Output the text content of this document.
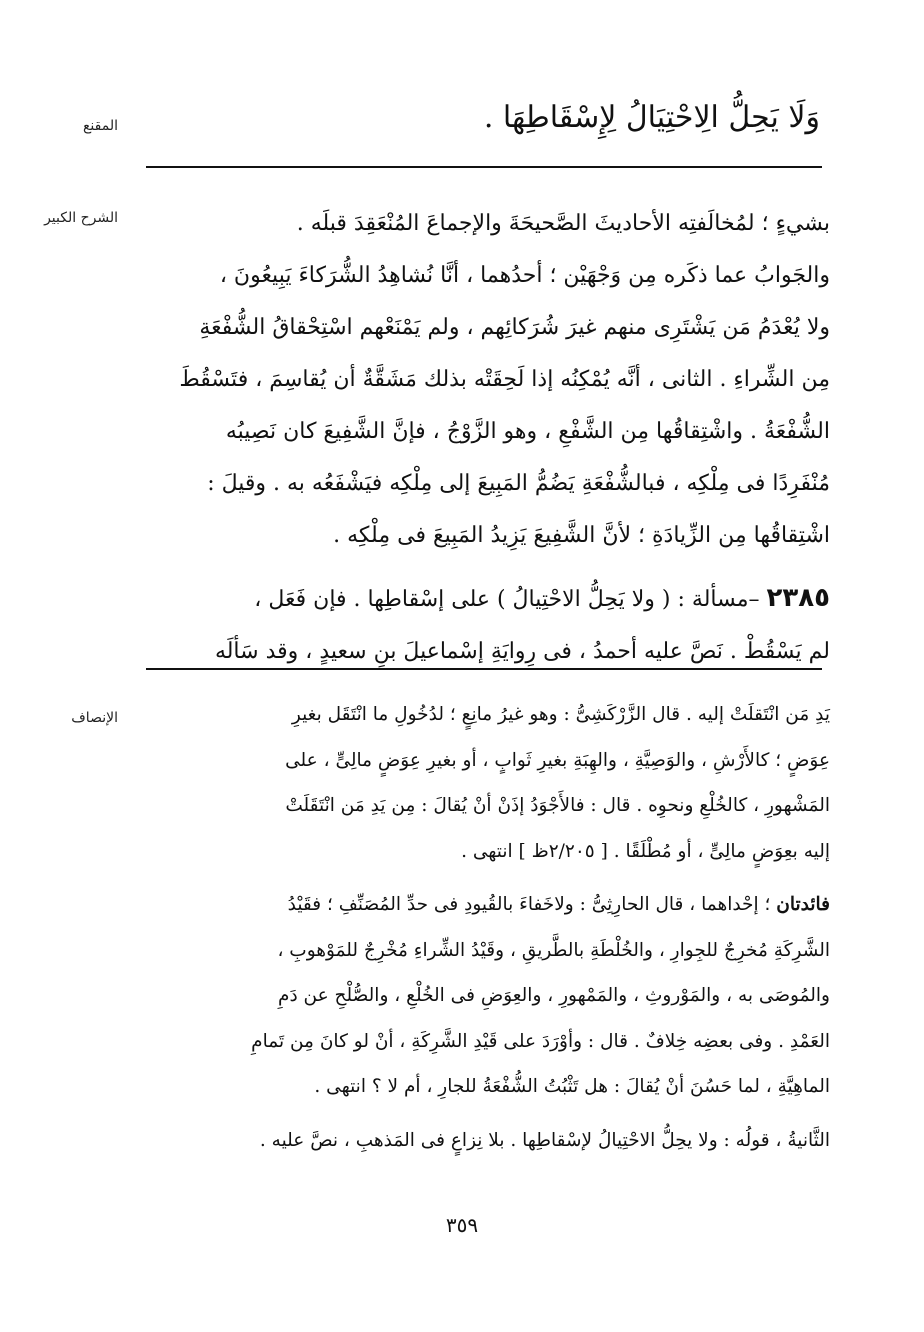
المقنع
الشرح الكبير
الإنصاف
وَلَا يَحِلُّ الِاحْتِيَالُ لِإِسْقَاطِهَا .

بشيءٍ ؛ لمُخالَفتِه الأحاديثَ الصَّحيحَةَ والإجماعَ المُنْعَقِدَ قبلَه .

والجَوابُ عما ذكَره مِن وَجْهَيْن ؛ أحدُهما ، أنَّا نُشاهِدُ الشُّرَكاءَ يَبِيعُونَ ،

ولا يُعْدَمُ مَن يَشْتَرِى منهم غيرَ شُرَكائِهم ، ولم يَمْنَعْهم اسْتِحْقاقُ الشُّفْعَةِ

مِن الشِّراءِ . الثانى ، أنَّه يُمْكِنُه إذا لَحِقَتْه بذلك مَشَقَّةٌ أن يُقاسِمَ ، فتَسْقُطَ

الشُّفْعَةُ . واشْتِقاقُها مِن الشَّفْعِ ، وهو الزَّوْجُ ، فإنَّ الشَّفِيعَ كان نَصِيبُه

مُنْفَرِدًا فى مِلْكِه ، فبالشُّفْعَةِ يَضُمُّ المَبِيعَ إلى مِلْكِه فيَشْفَعُه به . وقيلَ :

اشْتِقاقُها مِن الزِّيادَةِ ؛ لأنَّ الشَّفِيعَ يَزِيدُ المَبِيعَ فى مِلْكِه .

٢٣٨٥ –مسألة : ( ولا يَحِلُّ الاحْتِيالُ ) على إسْقاطِها . فإن فَعَل ،

لم يَسْقُطْ . نَصَّ عليه أحمدُ ، فى رِوايَةِ إسْماعيلَ بنِ سعيدٍ ، وقد سَألَه

يَدِ مَن انْتَقلَتْ إليه . قال الزَّرْكَشِىُّ : وهو غيرُ مانِعٍ ؛ لدُخُولِ ما انْتَقَل بغيرِ
عِوَضٍ ؛ كالأَرْشِ ، والوَصِيَّةِ ، والهِبَةِ بغيرِ ثَوابٍ ، أو بغيرِ عِوَضٍ مالِىٍّ ، على
المَشْهورِ ، كالخُلْعِ ونحوِه . قال : فالأَجْوَدُ إذَنْ أنْ يُقالَ : مِن يَدِ مَن انْتَقَلَتْ
إليه بعِوَضٍ مالِىٍّ ، أو مُطْلَقًا . [ ٢/٢٠٥ظ ] انتهى .
فائدتان ؛ إحْداهما ، قال الحارِثِىُّ : ولاخَفاءَ بالقُيودِ فى حدِّ المُصَنِّفِ ؛ فقَيْدُ
الشَّرِكَةِ مُخرِجٌ للجِوارِ ، والخُلْطَةِ بالطَّريقِ ، وقَيْدُ الشِّراءِ مُخْرِجٌ للمَوْهوبِ ،
والمُوصَى به ، والمَوْروثِ ، والمَمْهورِ ، والعِوَضِ فى الخُلْعِ ، والصُّلْحِ عن دَمِ
العَمْدِ . وفى بعضِه خِلافٌ . قال : وأوْرَدَ على قَيْدِ الشَّرِكَةِ ، أنْ لو كانَ مِن تَمامِ
الماهِيَّةِ ، لما حَسُنَ أنْ يُقالَ : هل تَثْبُتُ الشُّفْعَةُ للجارِ ، أم لا ؟ انتهى .
الثَّانيةُ ، قولُه : ولا يحِلُّ الاحْتِيالُ لإسْقاطِها . بلا نِزاعٍ فى المَذهبِ ، نصَّ عليه .
٣٥٩
